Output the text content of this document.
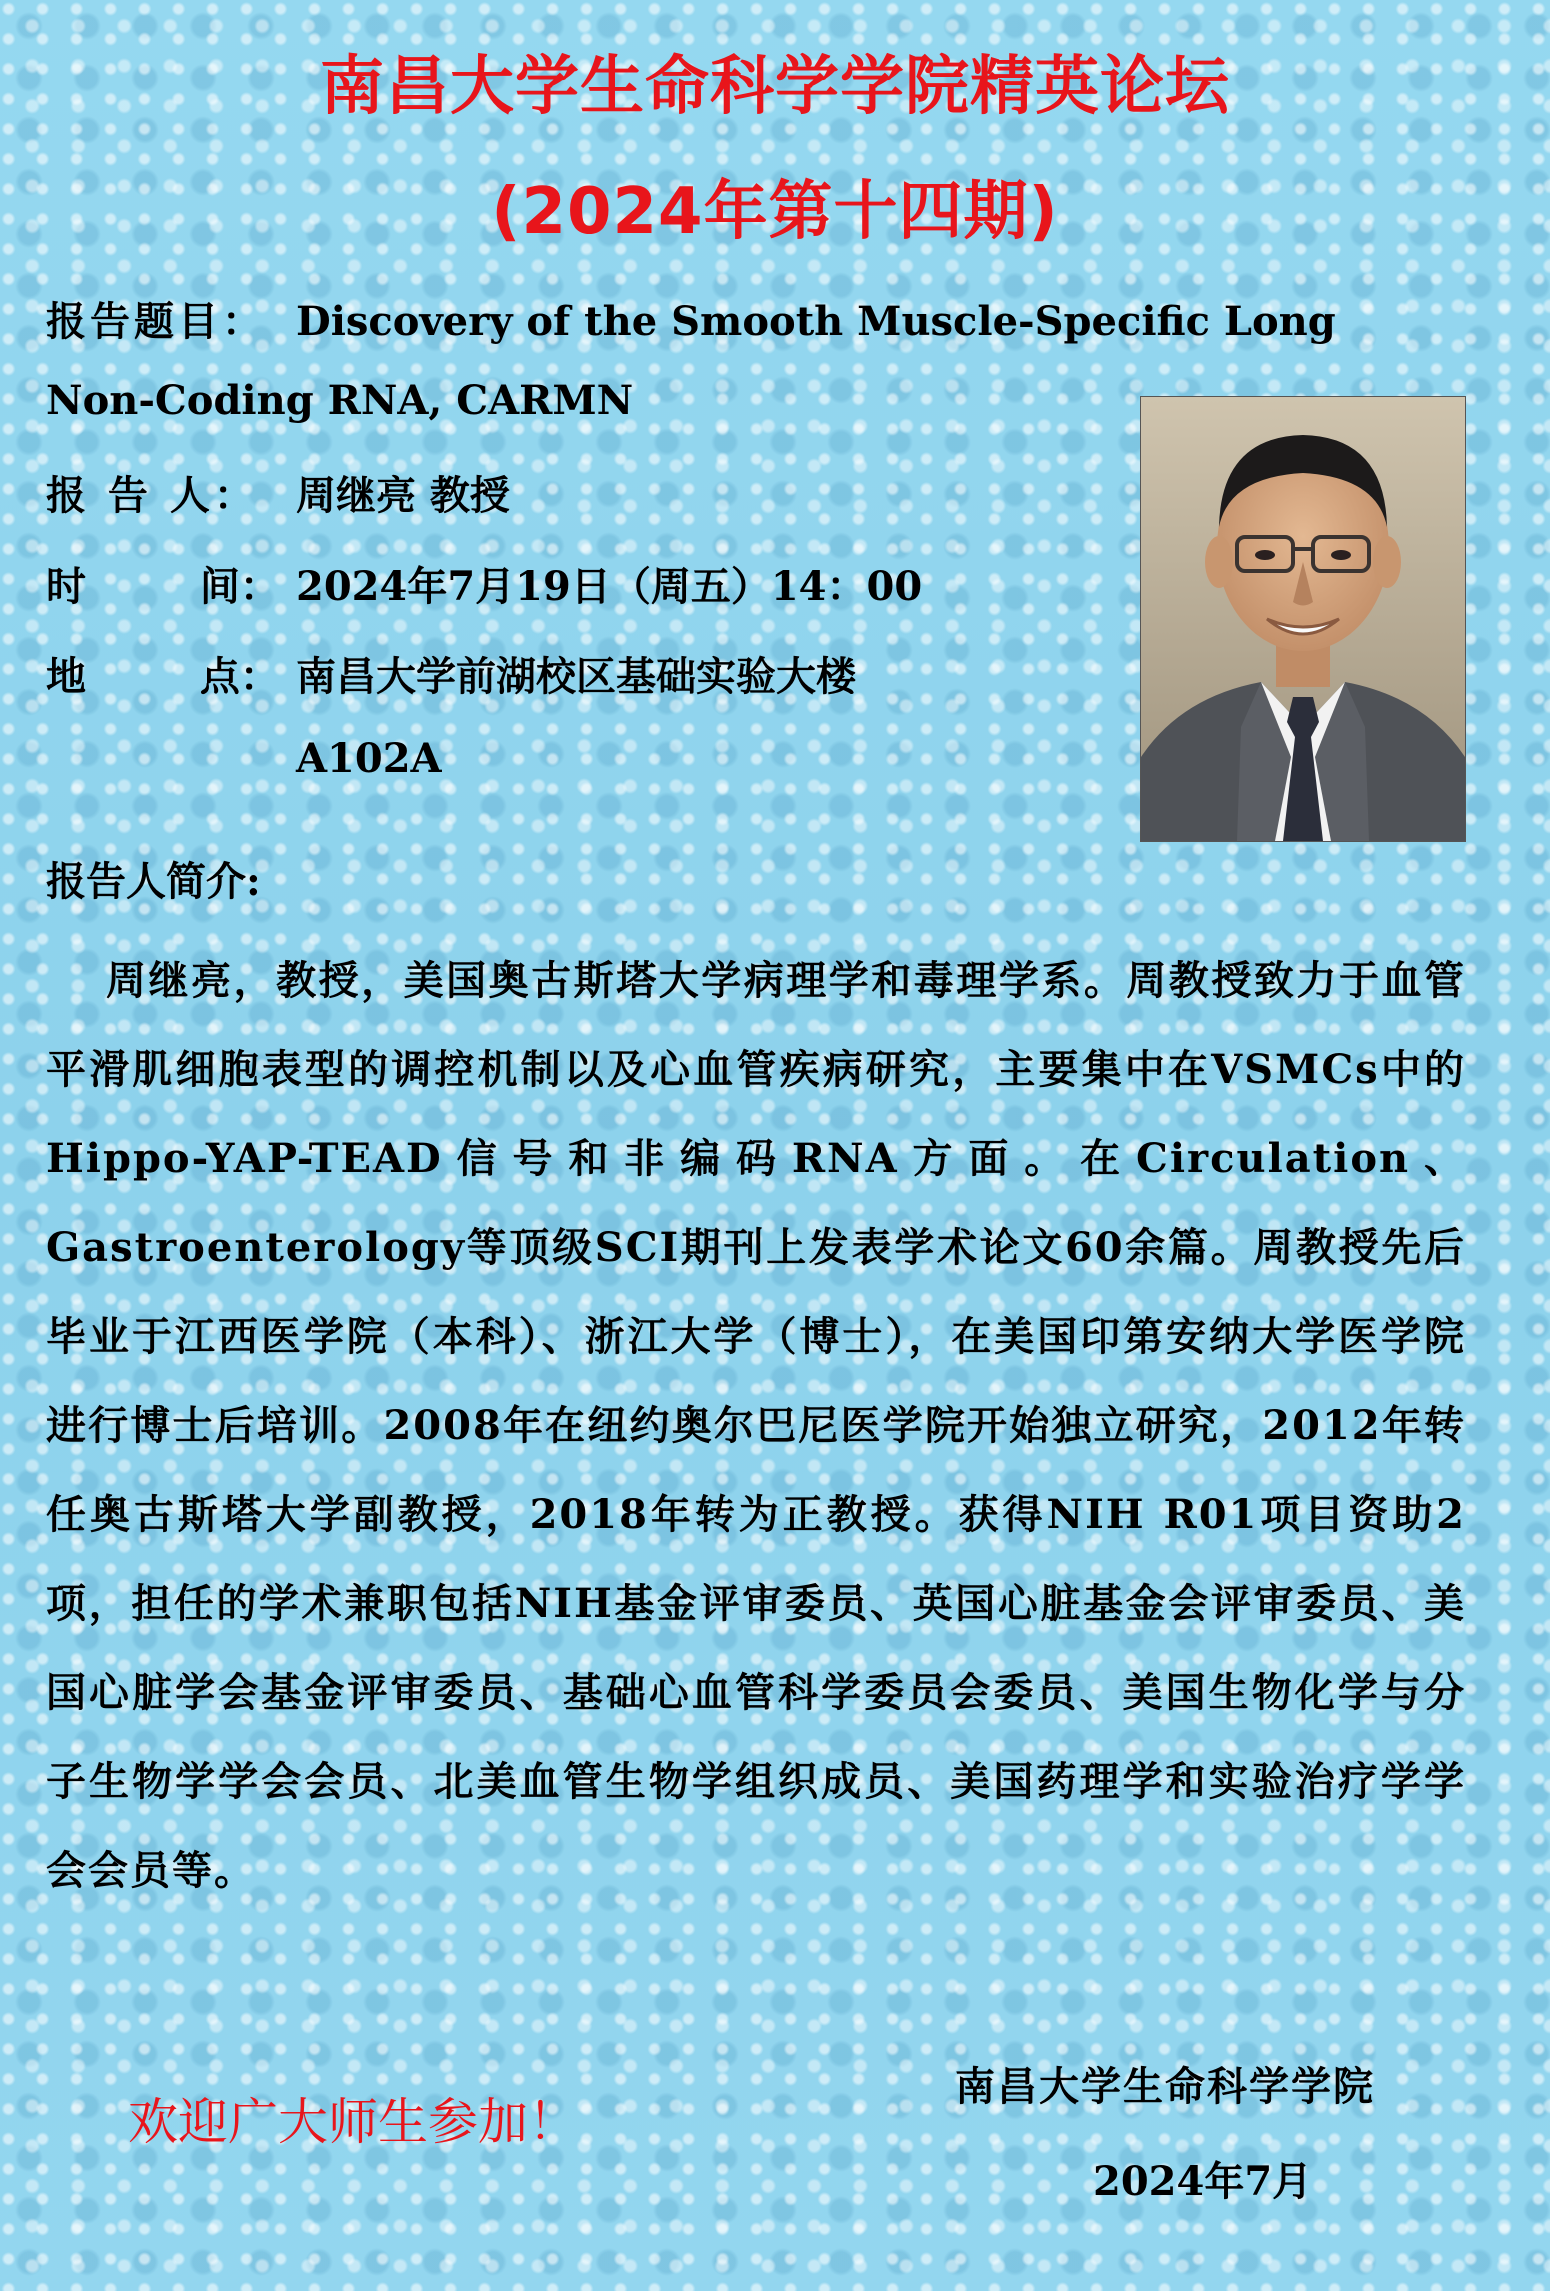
南昌大学生命科学学院精英论坛
(2024年第十四期)
报告题目： Discovery of the Smooth Muscle-Specific Long
Non-Coding RNA, CARMN
报 告 人： 周继亮 教授
时 间： 2024年7月19日（周五）14：00
地 点： 南昌大学前湖校区基础实验大楼
A102A
报告人简介:
周继亮，教授，美国奥古斯塔大学病理学和毒理学系。周教授致力于血管平滑肌细胞表型的调控机制以及心血管疾病研究，主要集中在VSMCs中的Hippo-YAP-TEAD信号和非编码RNA方面。在Circulation、Gastroenterology等顶级SCI期刊上发表学术论文60余篇。周教授先后毕业于江西医学院（本科）、浙江大学（博士），在美国印第安纳大学医学院进行博士后培训。2008年在纽约奥尔巴尼医学院开始独立研究，2012年转任奥古斯塔大学副教授，2018年转为正教授。获得NIH R01项目资助2项，担任的学术兼职包括NIH基金评审委员、英国心脏基金会评审委员、美国心脏学会基金评审委员、基础心血管科学委员会委员、美国生物化学与分子生物学学会会员、北美血管生物学组织成员、美国药理学和实验治疗学学会会员等。
欢迎广大师生参加！
南昌大学生命科学学院
2024年7月
